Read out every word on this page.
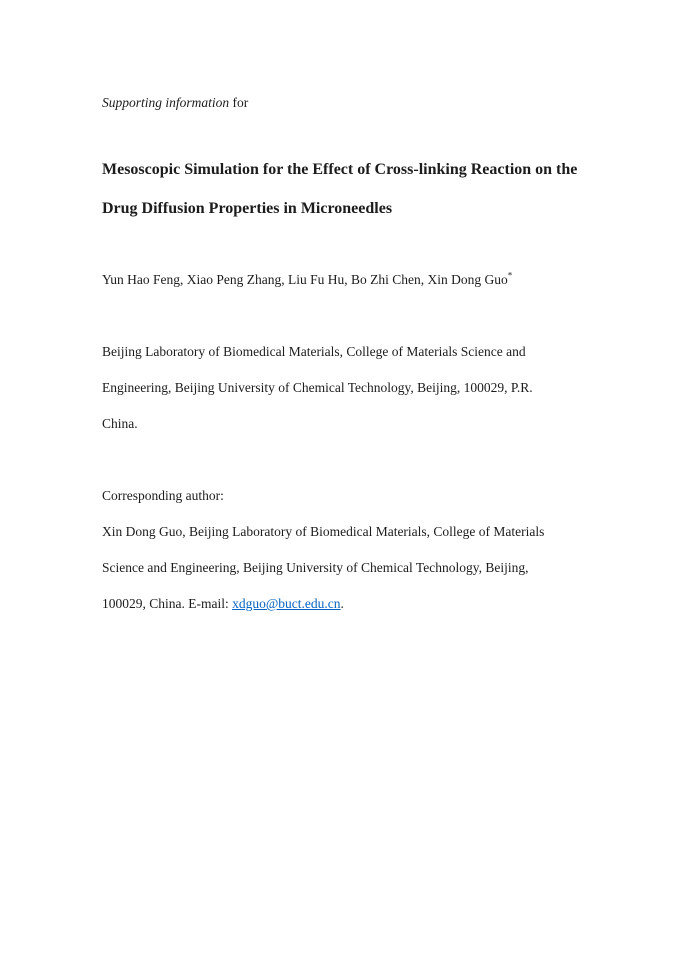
Supporting information for
Mesoscopic Simulation for the Effect of Cross-linking Reaction on the
Drug Diffusion Properties in Microneedles
Yun Hao Feng, Xiao Peng Zhang, Liu Fu Hu, Bo Zhi Chen, Xin Dong Guo*
Beijing Laboratory of Biomedical Materials, College of Materials Science and
Engineering, Beijing University of Chemical Technology, Beijing, 100029, P.R.
China.
Corresponding author:
Xin Dong Guo, Beijing Laboratory of Biomedical Materials, College of Materials
Science and Engineering, Beijing University of Chemical Technology, Beijing,
100029, China. E-mail: xdguo@buct.edu.cn.
